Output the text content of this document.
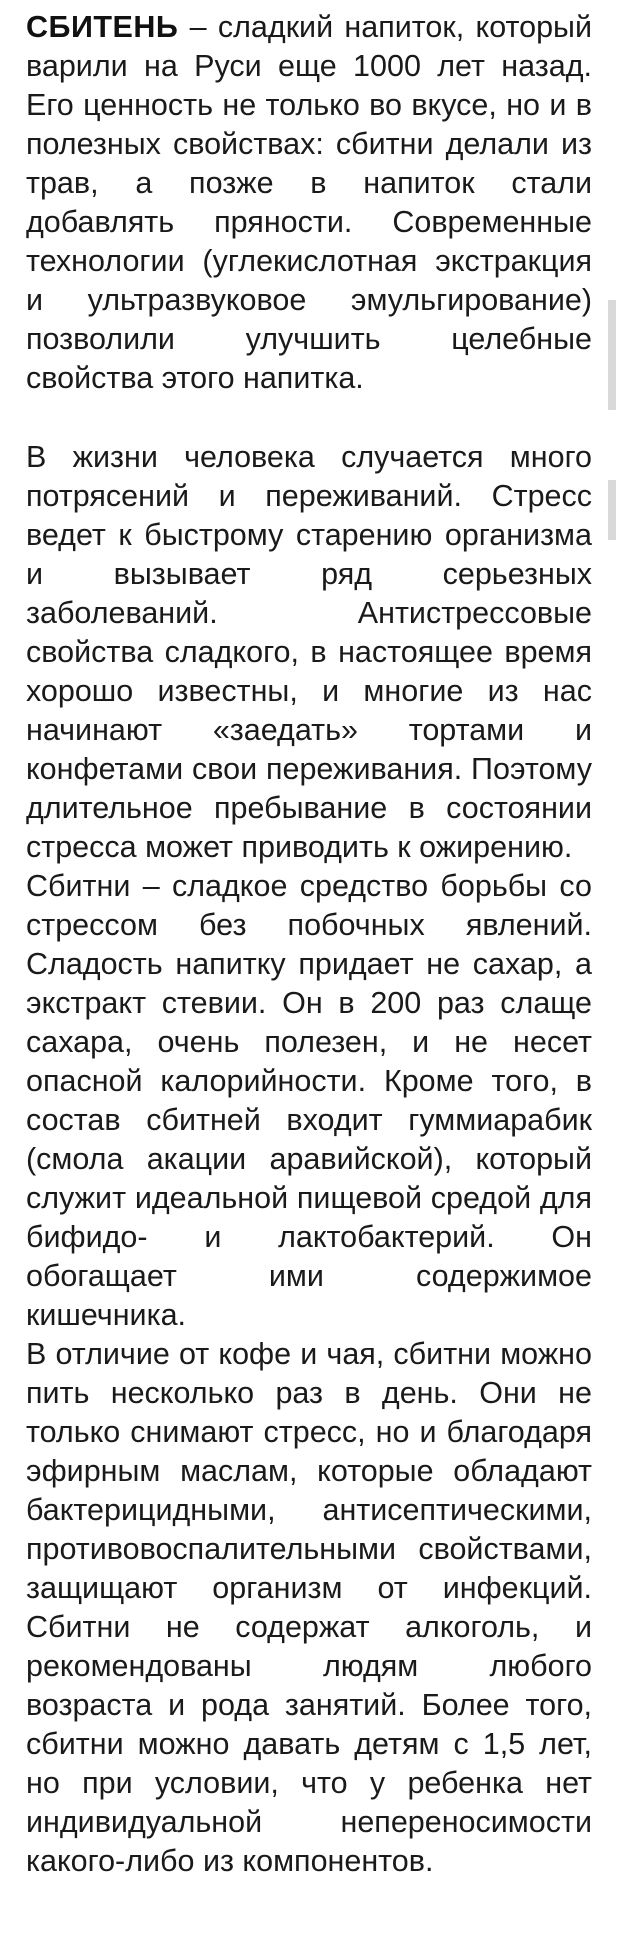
СБИТЕНЬ – сладкий напиток, который варили на Руси еще 1000 лет назад. Его ценность не только во вкусе, но и в полезных свойствах: сбитни делали из трав, а позже в напиток стали добавлять пряности. Современные технологии (углекислотная экстракция и ультразвуковое эмульгирование) позволили улучшить целебные свойства этого напитка.

В жизни человека случается много потрясений и переживаний. Стресс ведет к быстрому старению организма и вызывает ряд серьезных заболеваний. Антистрессовые свойства сладкого, в настоящее время хорошо известны, и многие из нас начинают «заедать» тортами и конфетами свои переживания. Поэтому длительное пребывание в состоянии стресса может приводить к ожирению.

Сбитни – сладкое средство борьбы со стрессом без побочных явлений. Сладость напитку придает не сахар, а экстракт стевии. Он в 200 раз слаще сахара, очень полезен, и не несет опасной калорийности. Кроме того, в состав сбитней входит гуммиарабик (смола акации аравийской), который служит идеальной пищевой средой для бифидо- и лактобактерий. Он обогащает ими содержимое кишечника.

В отличие от кофе и чая, сбитни можно пить несколько раз в день. Они не только снимают стресс, но и благодаря эфирным маслам, которые обладают бактерицидными, антисептическими, противовоспалительными свойствами, защищают организм от инфекций. Сбитни не содержат алкоголь, и рекомендованы людям любого возраста и рода занятий. Более того, сбитни можно давать детям с 1,5 лет, но при условии, что у ребенка нет индивидуальной непереносимости какого-либо из компонентов.
